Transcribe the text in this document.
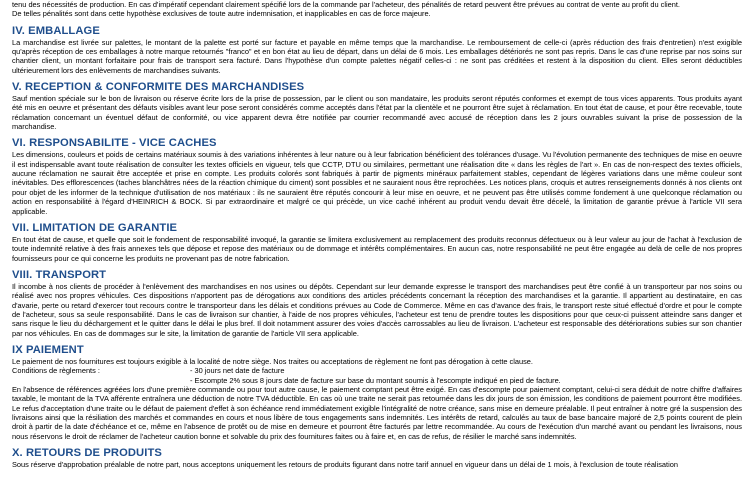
tenu des nécessités de production. En cas d'impératif cependant clairement spécifié lors de la commande par l'acheteur, des pénalités de retard peuvent être prévues au contrat de vente au profit du client.

De telles pénalités sont dans cette hypothèse exclusives de toute autre indemnisation, et inapplicables en cas de force majeure.

IV. EMBALLAGE

La marchandise est livrée sur palettes, le montant de la palette est porté sur facture et payable en même temps que la marchandise. Le remboursement de celle-ci (après réduction des frais d'entretien) n'est exigible qu'après réception de ces emballages à notre marque retournés "franco" et en bon état au lieu de départ, dans un délai de 6 mois. Les emballages détériorés ne sont pas repris. Dans le cas d'une reprise par nos soins sur chantier client, un montant forfaitaire pour frais de transport sera facturé. Dans l'hypothèse d'un compte palettes négatif celles-ci : ne sont pas créditées et restent à la disposition du client. Elles seront déductibles ultérieurement lors des enlèvements de marchandises suivants.

V. RECEPTION & CONFORMITE DES MARCHANDISES

Sauf mention spéciale sur le bon de livraison ou réserve écrite lors de la prise de possession, par le client ou son mandataire, les produits seront réputés conformes et exempt de tous vices apparents. Tous produits ayant été mis en oeuvre et présentant des défauts visibles avant leur pose seront considérés comme acceptés dans l'état par la clientèle et ne pourront être sujet à réclamation. En tout état de cause, et pour être recevable, toute réclamation concernant un éventuel défaut de conformité, ou vice apparent devra être notifiée par courrier recommandé avec accusé de réception dans les 2 jours ouvrables suivant la prise de possession de la marchandise.

VI. RESPONSABILITE - VICE CACHES

Les dimensions, couleurs et poids de certains matériaux soumis à des variations inhérentes à leur nature ou à leur fabrication bénéficient des tolérances d'usage. Vu l'évolution permanente des techniques de mise en oeuvre il est indispensable avant toute réalisation de consulter les textes officiels en vigueur, tels que CCTP, DTU ou similaires, permettant une réalisation dite « dans les règles de l'art ». En cas de non-respect des textes officiels, aucune réclamation ne saurait être acceptée et prise en compte. Les produits colorés sont fabriqués à partir de pigments minéraux parfaitement stables, cependant de légères variations dans une même couleur sont inévitables. Des efflorescences (taches blanchâtres nées de la réaction chimique du ciment) sont possibles et ne sauraient nous être reprochées. Les notices plans, croquis et autres renseignements donnés à nos clients ont pour objet de les informer de la technique d'utilisation de nos matériaux : ils ne sauraient être réputés concourir à leur mise en oeuvre, et ne peuvent pas être utilisés comme fondement à une quelconque réclamation ou action en responsabilité à l'égard d'HEINRICH & BOCK. Si par extraordinaire et malgré ce qui précède, un vice caché inhérent au produit vendu devait être décelé, la limitation de garantie prévue à l'article VII sera applicable.

VII. LIMITATION DE GARANTIE

En tout état de cause, et quelle que soit le fondement de responsabilité invoqué, la garantie se limitera exclusivement au remplacement des produits reconnus défectueux ou à leur valeur au jour de l'achat à l'exclusion de toute indemnité relative à des frais annexes tels que dépose et repose des matériaux ou de dommage et intérêts complémentaires. En aucun cas, notre responsabilité ne peut être engagée au delà de celle de nos propres fournisseurs pour ce qui concerne les produits ne provenant pas de notre fabrication.

VIII. TRANSPORT

Il incombe à nos clients de procéder à l'enlèvement des marchandises en nos usines ou dépôts. Cependant sur leur demande expresse le transport des marchandises peut être confié à un transporteur par nos soins ou réalisé avec nos propres véhicules. Ces dispositions n'apportent pas de dérogations aux conditions des articles précédents concernant la réception des marchandises et la garantie. Il appartient au destinataire, en cas d'avarie, perte ou retard d'exercer tout recours contre le transporteur dans les délais et conditions prévues au Code de Commerce. Même en cas d'avance des frais, le transport reste situé effectué d'ordre et pour le compte de l'acheteur, sous sa seule responsabilité. Dans le cas de livraison sur chantier, à l'aide de nos propres véhicules, l'acheteur est tenu de prendre toutes les dispositions pour que ceux-ci puissent atteindre sans danger et sans risque le lieu du déchargement et le quitter dans le délai le plus bref. Il doit notamment assurer des voies d'accès carrossables au lieu de livraison. L'acheteur est responsable des détériorations subies sur son chantier par nos véhicules. En cas de dommages sur le site, la limitation de garantie de l'article VII sera applicable.

IX PAIEMENT

Le paiement de nos fournitures est toujours exigible à la localité de notre siège. Nos traites ou acceptations de règlement ne font pas dérogation à cette clause.

Conditions de règlements :	- 30 jours net date de facture
	- Escompte 2% sous 8 jours date de facture sur base du montant soumis à l'escompte indiqué en pied de facture.

En l'absence de références agréées lors d'une première commande ou pour tout autre cause, le paiement comptant peut être exigé. En cas d'escompte pour paiement comptant, celui-ci sera déduit de notre chiffre d'affaires taxable, le montant de la TVA afférente entraînera une déduction de notre TVA déductible. En cas où une traite ne serait pas retournée dans les dix jours de son émission, les conditions de paiement pourront être modifiées. Le refus d'acceptation d'une traite ou le défaut de paiement d'effet à son échéance rend immédiatement exigible l'intégralité de notre créance, sans mise en demeure préalable. Il peut entraîner à notre gré la suspension des livraisons ainsi que la résiliation des marchés et commandes en cours et nous libère de tous engagements sans indemnités. Les intérêts de retard, calculés au taux de base bancaire majoré de 2,5 points courent de plein droit à partir de la date d'échéance et ce, même en l'absence de protêt ou de mise en demeure et pourront être facturés par lettre recommandée. Au cours de l'exécution d'un marché avant ou pendant les livraisons, nous nous réservons le droit de réclamer de l'acheteur caution bonne et solvable du prix des fournitures faites ou à faire et, en cas de refus, de résilier le marché sans indemnités.

X. RETOURS DE PRODUITS

Sous réserve d'approbation préalable de notre part, nous acceptons uniquement les retours de produits figurant dans notre tarif annuel en vigueur dans un délai de 1 mois, à l'exclusion de toute réalisation
